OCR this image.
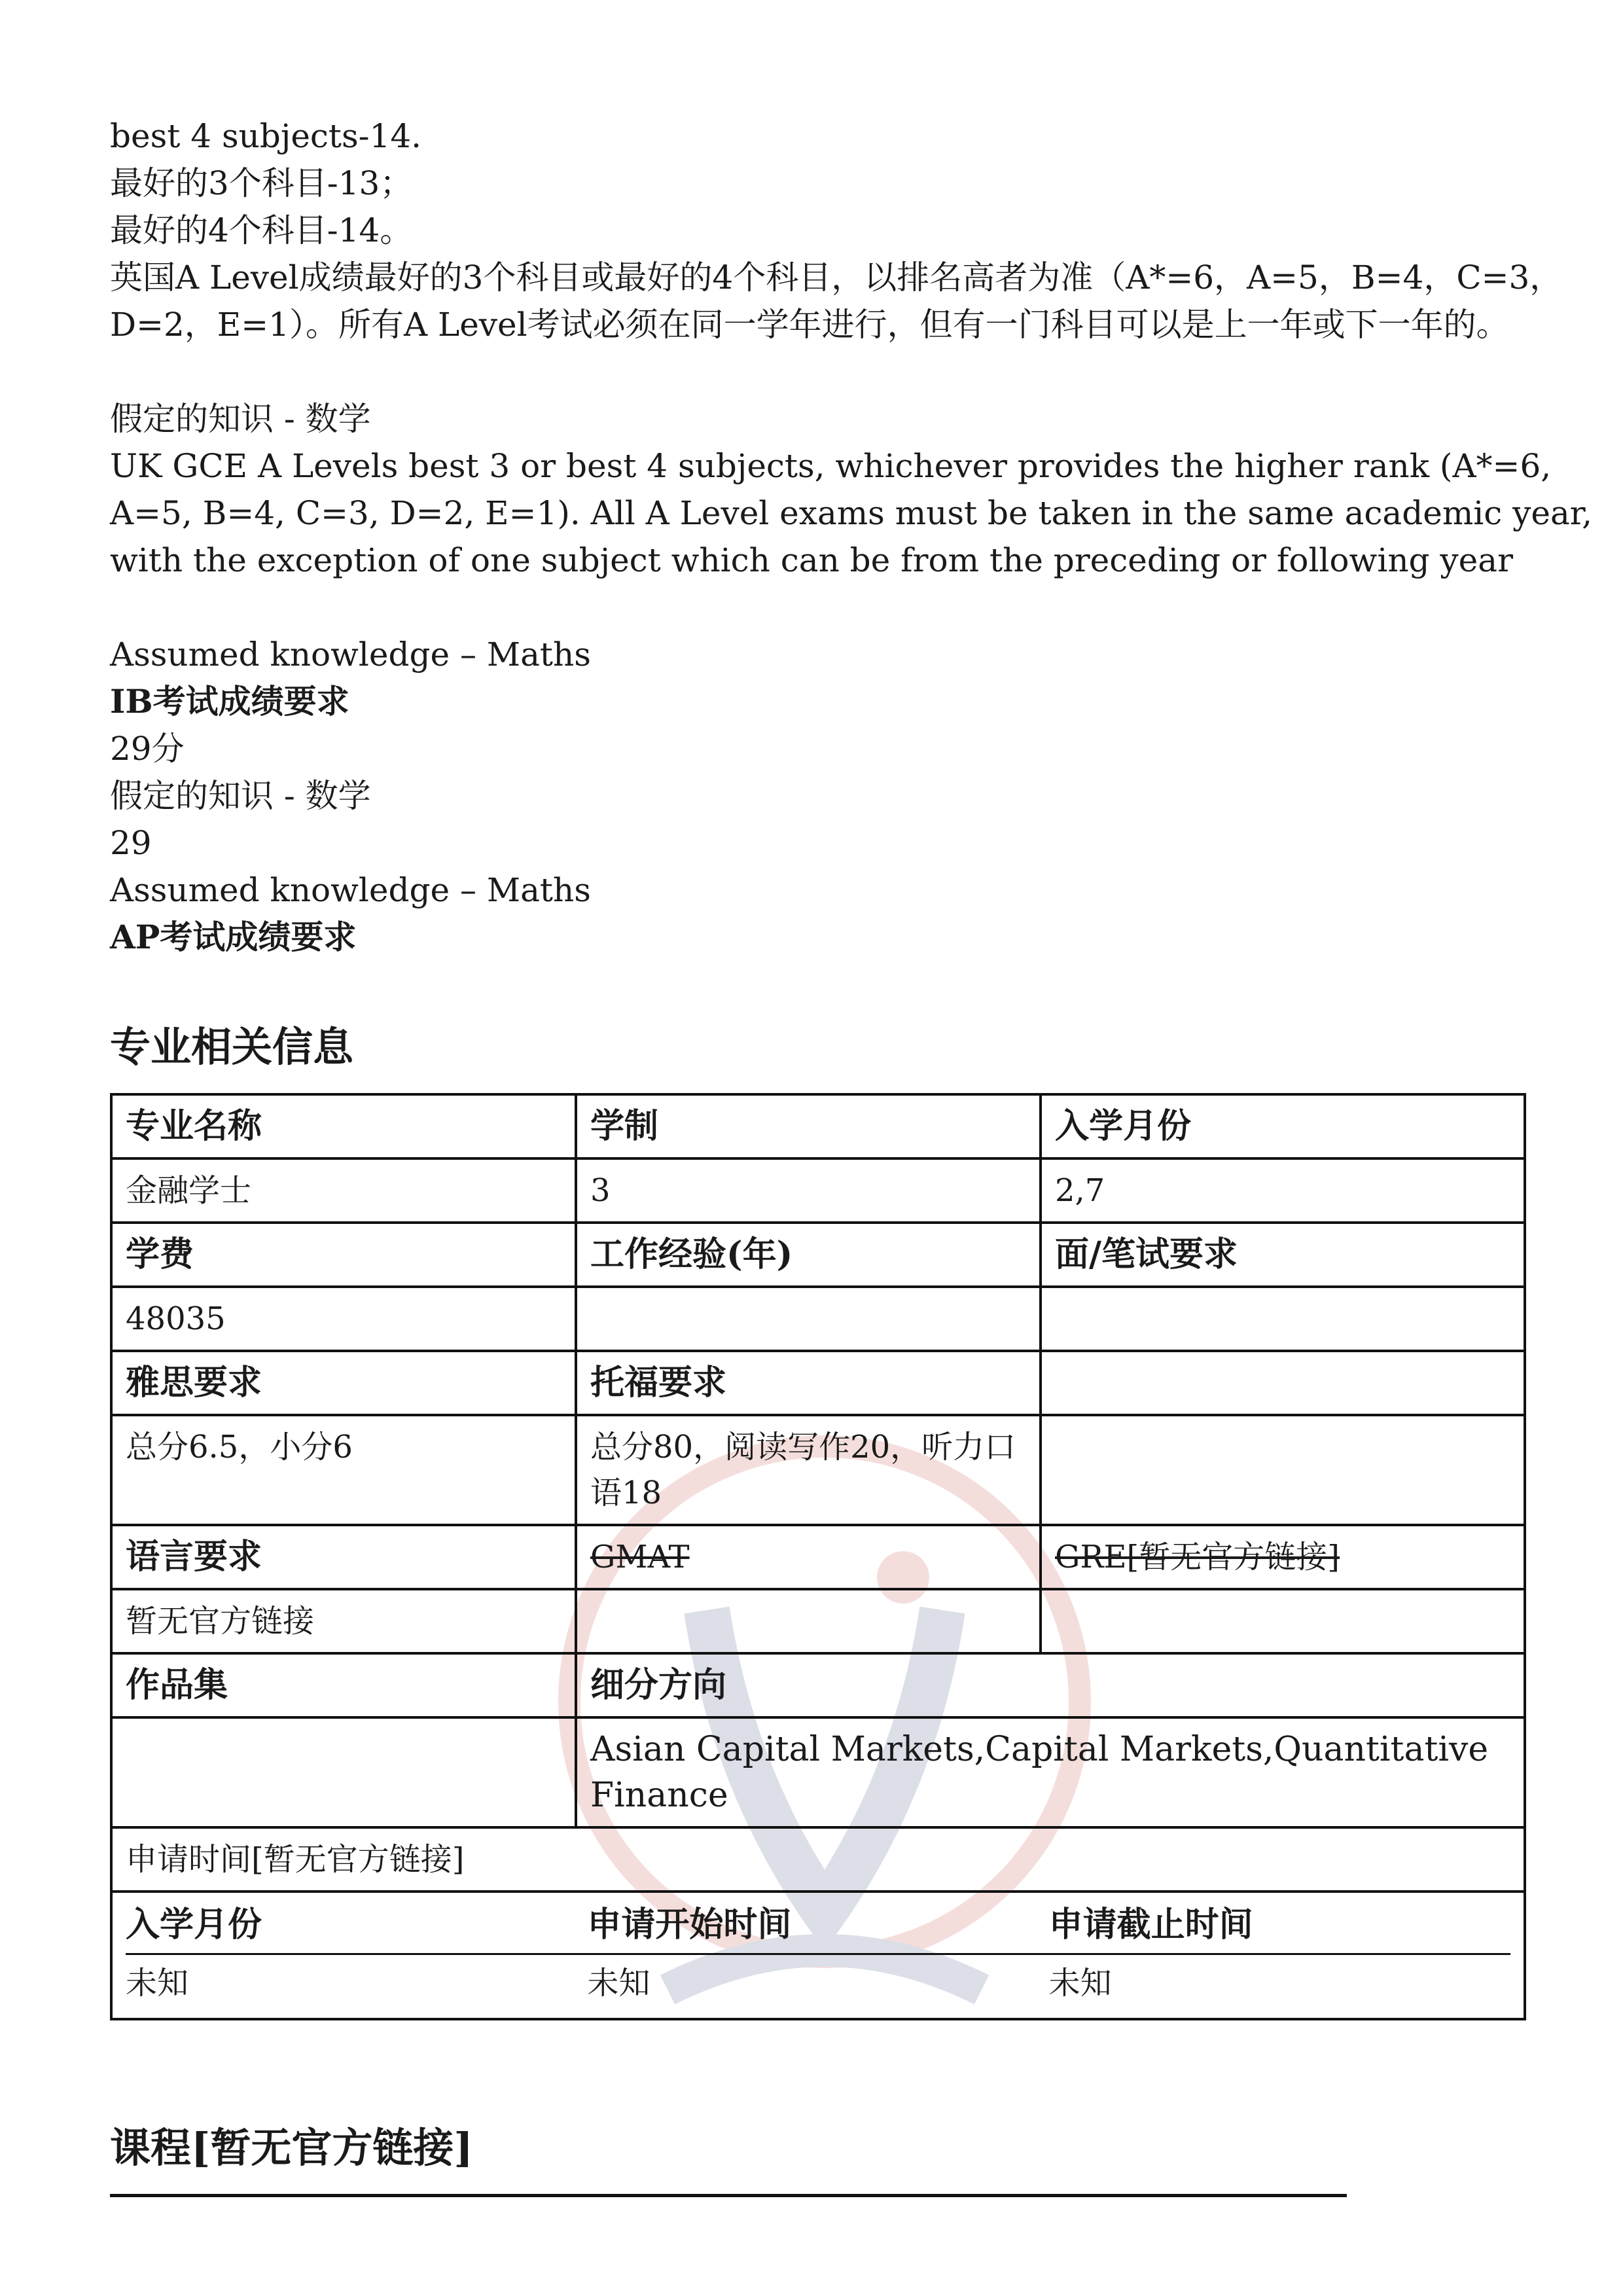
best 4 subjects-14.
最好的3个科目-13；
最好的4个科目-14。
英国A Level成绩最好的3个科目或最好的4个科目，以排名高者为准（A*=6，A=5，B=4，C=3，
D=2，E=1）。所有A Level考试必须在同一学年进行，但有一门科目可以是上一年或下一年的。
假定的知识 - 数学
UK GCE A Levels best 3 or best 4 subjects, whichever provides the higher rank (A*=6,
A=5, B=4, C=3, D=2, E=1). All A Level exams must be taken in the same academic year,
with the exception of one subject which can be from the preceding or following year
Assumed knowledge – Maths
IB考试成绩要求
29分
假定的知识 - 数学
29
Assumed knowledge – Maths
AP考试成绩要求
专业相关信息
专业名称	学制	入学月份
金融学士	3	2,7
学费	工作经验(年)	面/笔试要求
48035		
雅思要求	托福要求	
总分6.5，小分6	总分80，阅读写作20，听力口语18	
语言要求	GMAT	GRE[暂无官方链接]
暂无官方链接		
作品集	细分方向
	Asian Capital Markets,Capital Markets,Quantitative Finance
申请时间[暂无官方链接]

入学月份	申请开始时间	申请截止时间
未知	未知	未知
课程[暂无官方链接]
